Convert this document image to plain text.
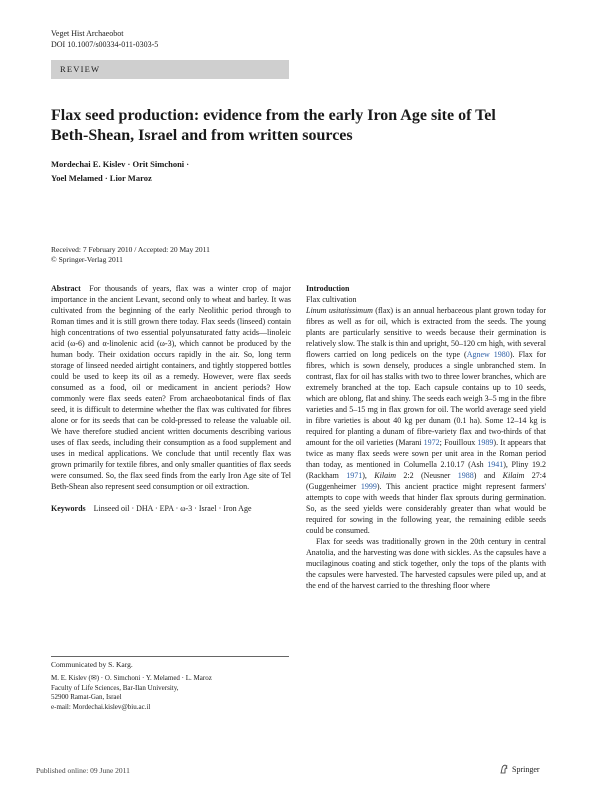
Veget Hist Archaeobot
DOI 10.1007/s00334-011-0303-5
REVIEW
Flax seed production: evidence from the early Iron Age site of Tel Beth-Shean, Israel and from written sources
Mordechai E. Kislev · Orit Simchoni ·
Yoel Melamed · Lior Maroz
Received: 7 February 2010 / Accepted: 20 May 2011
© Springer-Verlag 2011

Abstract For thousands of years, flax was a winter crop of major importance in the ancient Levant, second only to wheat and barley. It was cultivated from the beginning of the early Neolithic period through to Roman times and it is still grown there today. Flax seeds (linseed) contain high concentrations of two essential polyunsaturated fatty acids—linoleic acid (ω-6) and α-linolenic acid (ω-3), which cannot be produced by the human body. Their oxidation occurs rapidly in the air. So, long term storage of linseed needed airtight containers, and tightly stoppered bottles could be used to keep its oil as a remedy. However, were flax seeds consumed as a food, oil or medicament in ancient periods? How commonly were flax seeds eaten? From archaeobotanical finds of flax seed, it is difficult to determine whether the flax was cultivated for fibres alone or for its seeds that can be cold-pressed to release the valuable oil. We have therefore studied ancient written documents describing various uses of flax seeds, including their consumption as a food supplement and uses in medical applications. We conclude that until recently flax was grown primarily for textile fibres, and only smaller quantities of flax seeds were consumed. So, the flax seed finds from the early Iron Age site of Tel Beth-Shean also represent seed consumption or oil extraction.

Keywords Linseed oil · DHA · EPA · ω-3 · Israel · Iron Age

Communicated by S. Karg.
M. E. Kislev (✉) · O. Simchoni · Y. Melamed · L. Maroz
Faculty of Life Sciences, Bar-Ilan University,
52900 Ramat-Gan, Israel
e-mail: Mordechai.kislev@biu.ac.il

Introduction

Flax cultivation

Linum usitatissimum (flax) is an annual herbaceous plant grown today for fibres as well as for oil, which is extracted from the seeds. The young plants are particularly sensitive to weeds because their germination is relatively slow. The stalk is thin and upright, 50–120 cm high, with several flowers carried on long pedicels on the type (Agnew 1980). Flax for fibres, which is sown densely, produces a single unbranched stem. In contrast, flax for oil has stalks with two to three lower branches, which are extremely branched at the top. Each capsule contains up to 10 seeds, which are oblong, flat and shiny. The seeds each weigh 3–5 mg in the fibre varieties and 5–15 mg in flax grown for oil. The world average seed yield in fibre varieties is about 40 kg per dunam (0.1 ha). Some 12–14 kg is required for planting a dunam of fibre-variety flax and two-thirds of that amount for the oil varieties (Marani 1972; Fouilloux 1989). It appears that twice as many flax seeds were sown per unit area in the Roman period than today, as mentioned in Columella 2.10.17 (Ash 1941), Pliny 19.2 (Rackham 1971), Kilaim 2:2 (Neusner 1988) and Kilaim 27:4 (Guggenheimer 1999). This ancient practice might represent farmers' attempts to cope with weeds that hinder flax sprouts during germination. So, as the seed yields were considerably greater than what would be required for sowing in the following year, the remaining edible seeds could be consumed.

Flax for seeds was traditionally grown in the 20th century in central Anatolia, and the harvesting was done with sickles. As the capsules have a mucilaginous coating and stick together, only the tops of the plants with the capsules were harvested. The harvested capsules were piled up, and at the end of the harvest carried to the threshing floor where

Published online: 09 June 2011	Springer
